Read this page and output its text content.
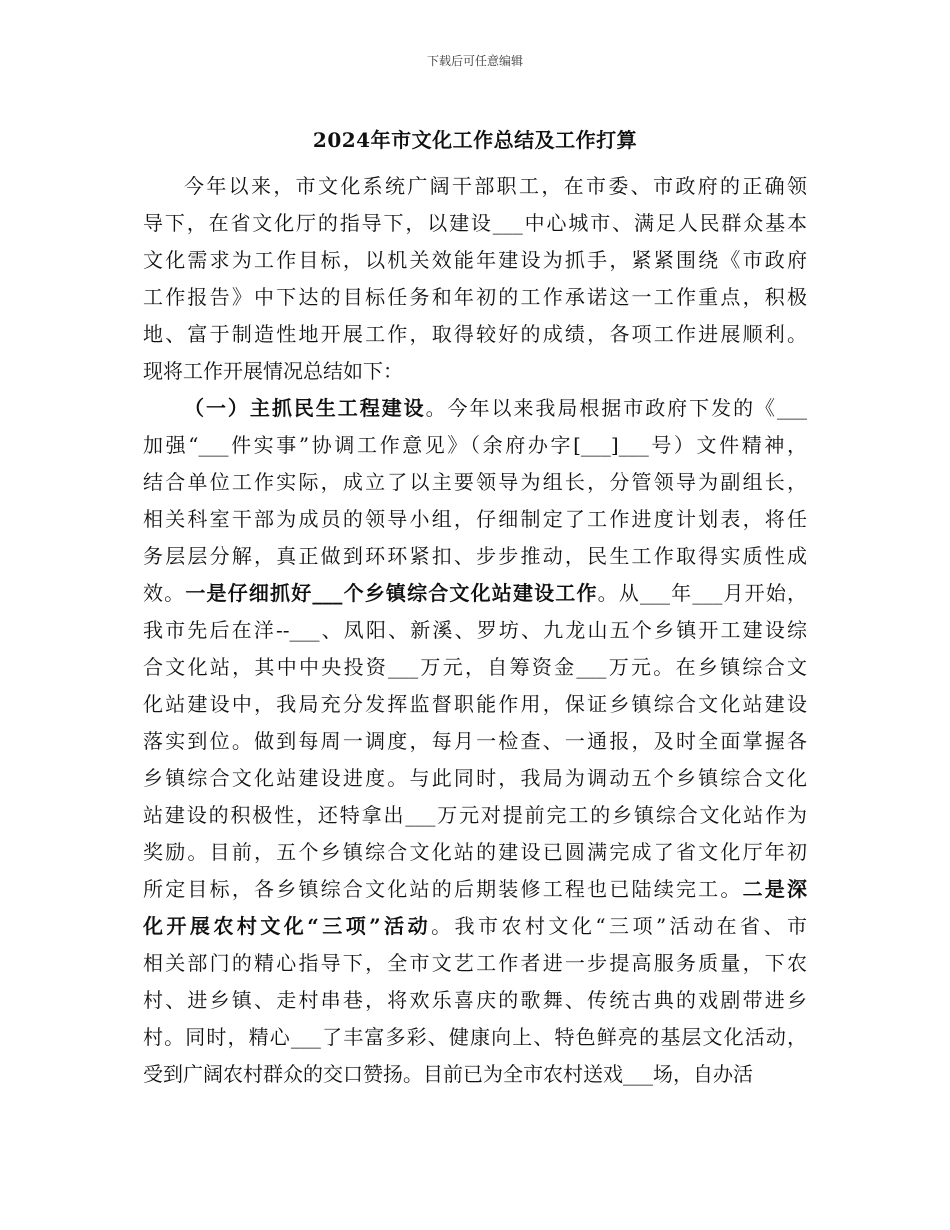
下载后可任意编辑
2024年市文化工作总结及工作打算
今年以来，市文化系统广阔干部职工，在市委、市政府的正确领
导下，在省文化厅的指导下，以建设___中心城市、满足人民群众基本
文化需求为工作目标，以机关效能年建设为抓手，紧紧围绕《市政府
工作报告》中下达的目标任务和年初的工作承诺这一工作重点，积极
地、富于制造性地开展工作，取得较好的成绩，各项工作进展顺利。
现将工作开展情况总结如下：
（一）主抓民生工程建设。今年以来我局根据市政府下发的《___
加强“___件实事”协调工作意见》（余府办字[___]___号）文件精神，
结合单位工作实际，成立了以主要领导为组长，分管领导为副组长，
相关科室干部为成员的领导小组，仔细制定了工作进度计划表，将任
务层层分解，真正做到环环紧扣、步步推动，民生工作取得实质性成
效。一是仔细抓好___个乡镇综合文化站建设工作。从___年___月开始，
我市先后在洋--___、凤阳、新溪、罗坊、九龙山五个乡镇开工建设综
合文化站，其中中央投资___万元，自筹资金___万元。在乡镇综合文
化站建设中，我局充分发挥监督职能作用，保证乡镇综合文化站建设
落实到位。做到每周一调度，每月一检查、一通报，及时全面掌握各
乡镇综合文化站建设进度。与此同时，我局为调动五个乡镇综合文化
站建设的积极性，还特拿出___万元对提前完工的乡镇综合文化站作为
奖励。目前，五个乡镇综合文化站的建设已圆满完成了省文化厅年初
所定目标，各乡镇综合文化站的后期装修工程也已陆续完工。二是深
化开展农村文化“三项”活动。我市农村文化“三项”活动在省、市
相关部门的精心指导下，全市文艺工作者进一步提高服务质量，下农
村、进乡镇、走村串巷，将欢乐喜庆的歌舞、传统古典的戏剧带进乡
村。同时，精心___了丰富多彩、健康向上、特色鲜亮的基层文化活动，
受到广阔农村群众的交口赞扬。目前已为全市农村送戏___场，自办活
